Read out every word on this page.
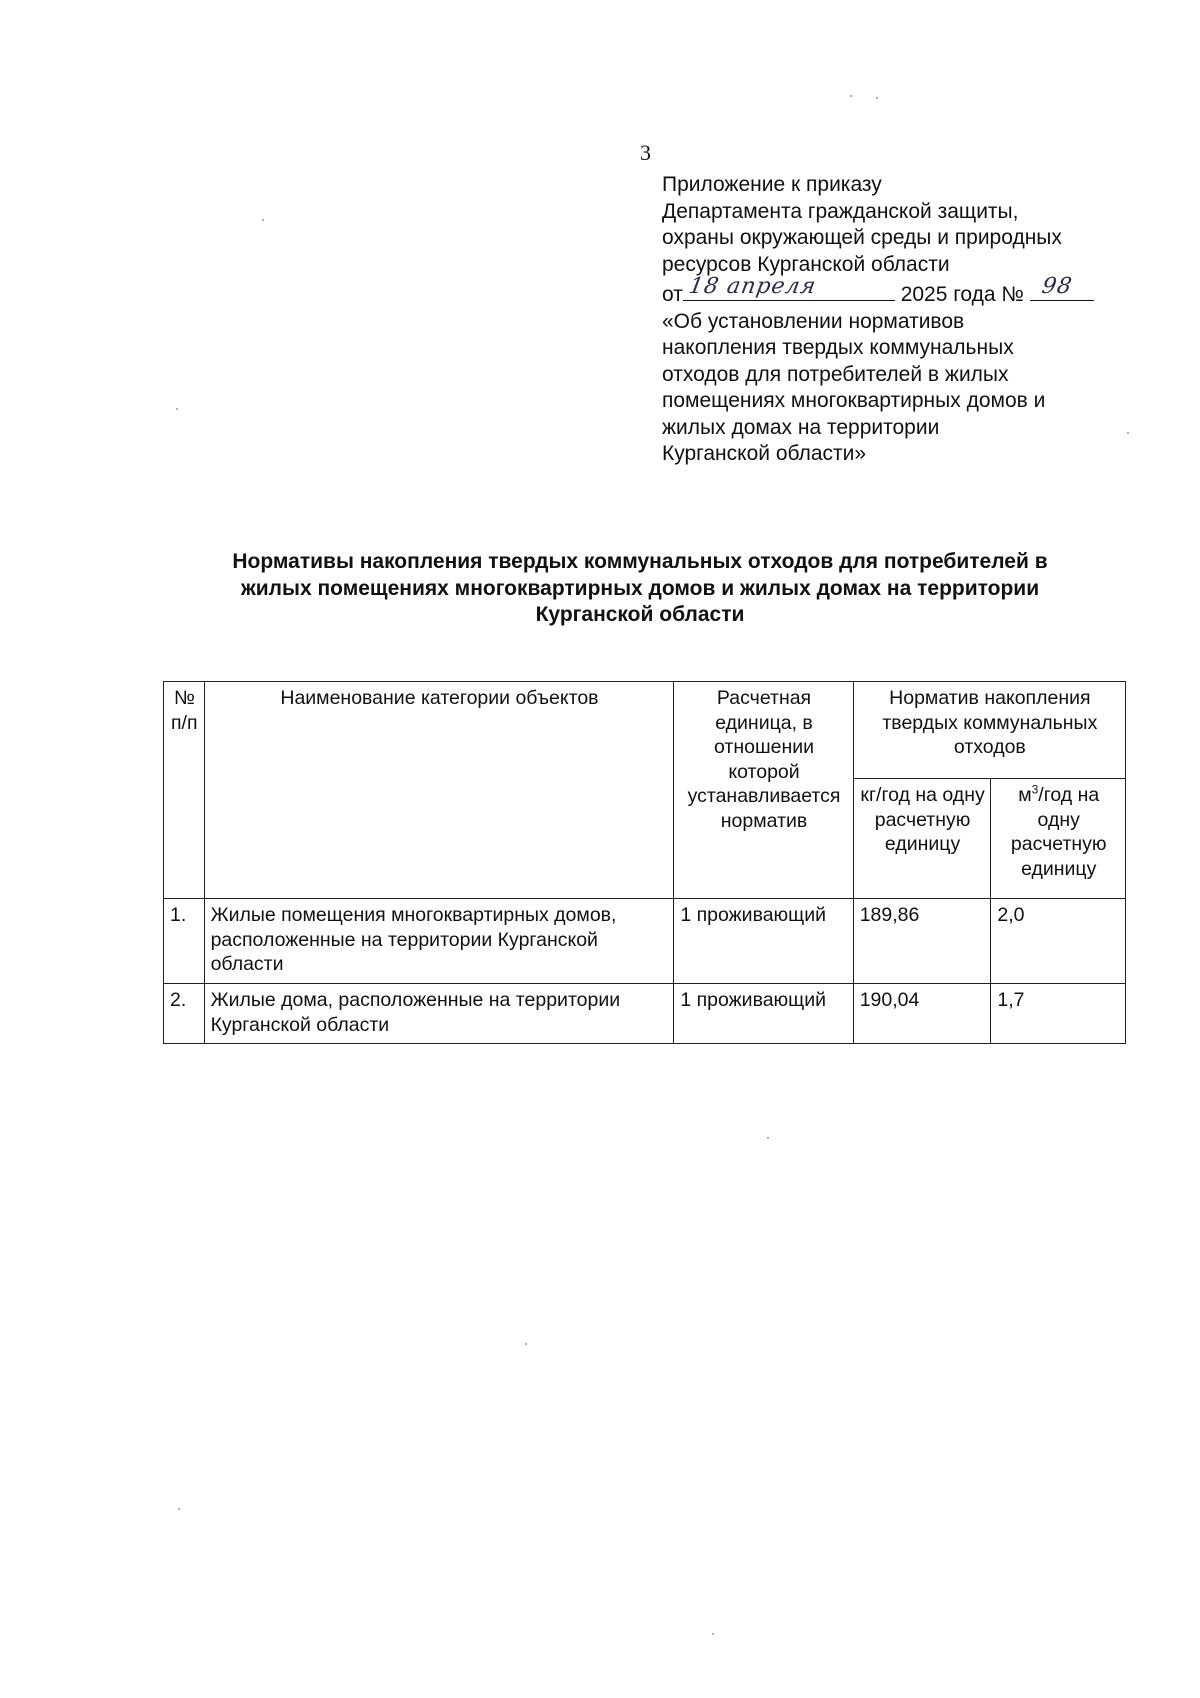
3
Приложение к приказу
Департамента гражданской защиты,
охраны окружающей среды и природных
ресурсов Курганской области
от 18 апреля	2025 года № 98
«Об установлении нормативов
накопления твердых коммунальных
отходов для потребителей в жилых
помещениях многоквартирных домов и
жилых домах на территории
Курганской области»
Нормативы накопления твердых коммунальных отходов для потребителей в
жилых помещениях многоквартирных домов и жилых домах на территории
Курганской области
№ п/п	Наименование категории объектов	Расчетная единица, в отношении которой устанавливается норматив	Норматив накопления твердых коммунальных отходов	
			кг/год на одну расчетную единицу	$м^3$/год на одну расчетную единицу
1.	Жилые помещения многоквартирных домов, расположенные на территории Курганской области	1 проживающий	189,86	2,0
2.	Жилые дома, расположенные на территории Курганской области	1 проживающий	190,04	1,7
